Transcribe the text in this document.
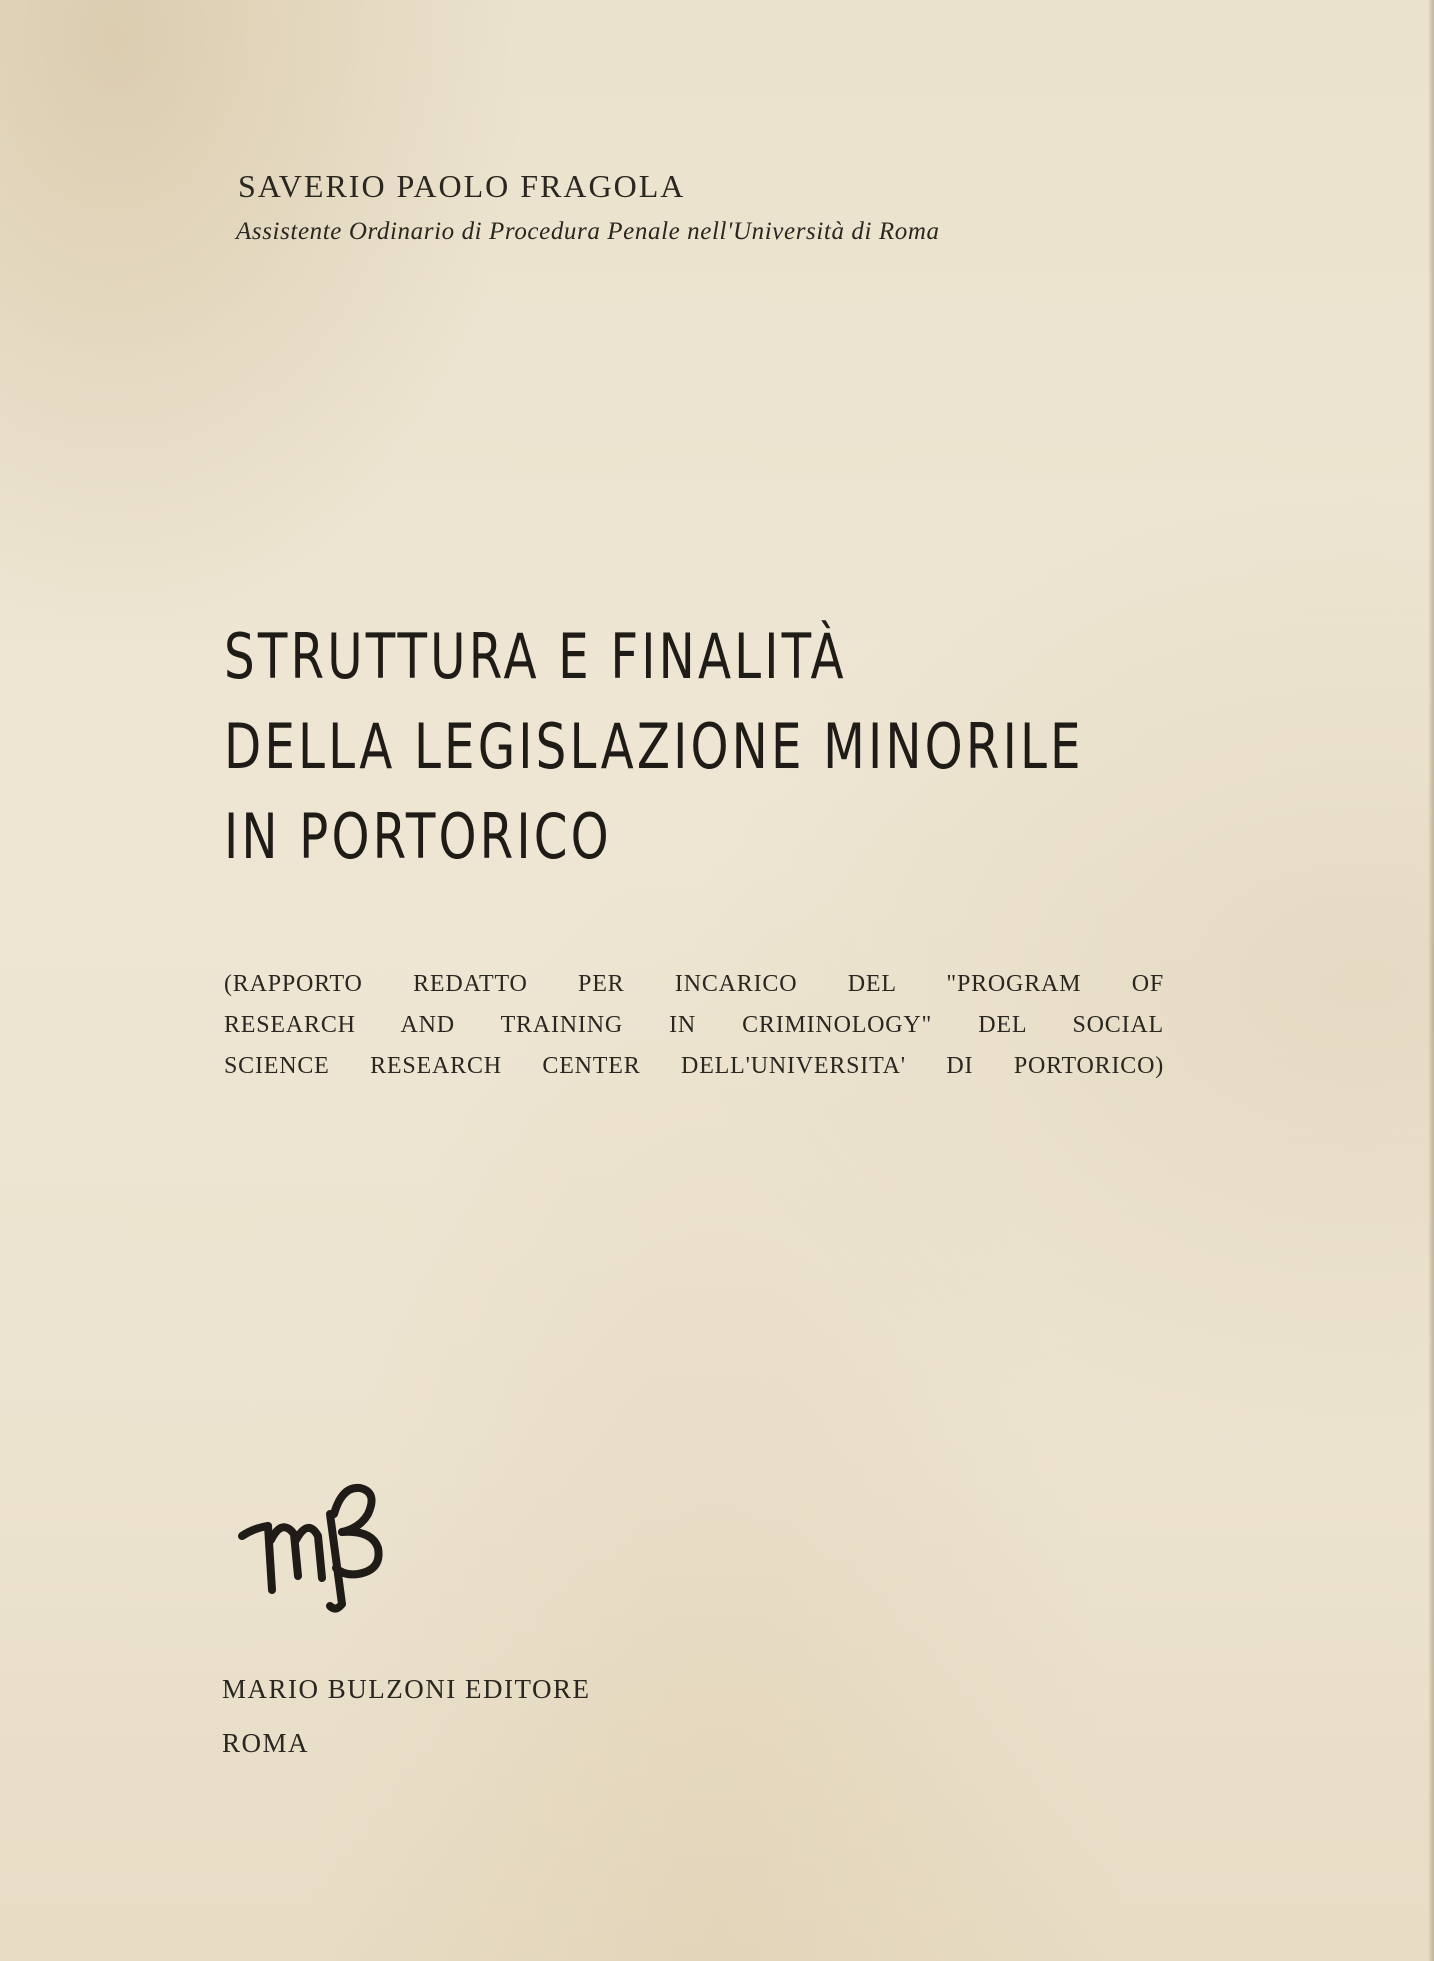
SAVERIO PAOLO FRAGOLA
Assistente Ordinario di Procedura Penale nell'Università di Roma
STRUTTURA E FINALITÀ
DELLA LEGISLAZIONE MINORILE
IN PORTORICO
(RAPPORTO REDATTO PER INCARICO DEL "PROGRAM OF
RESEARCH AND TRAINING IN CRIMINOLOGY" DEL SOCIAL
SCIENCE RESEARCH CENTER DELL'UNIVERSITA' DI PORTORICO)
MARIO BULZONI EDITORE
ROMA
